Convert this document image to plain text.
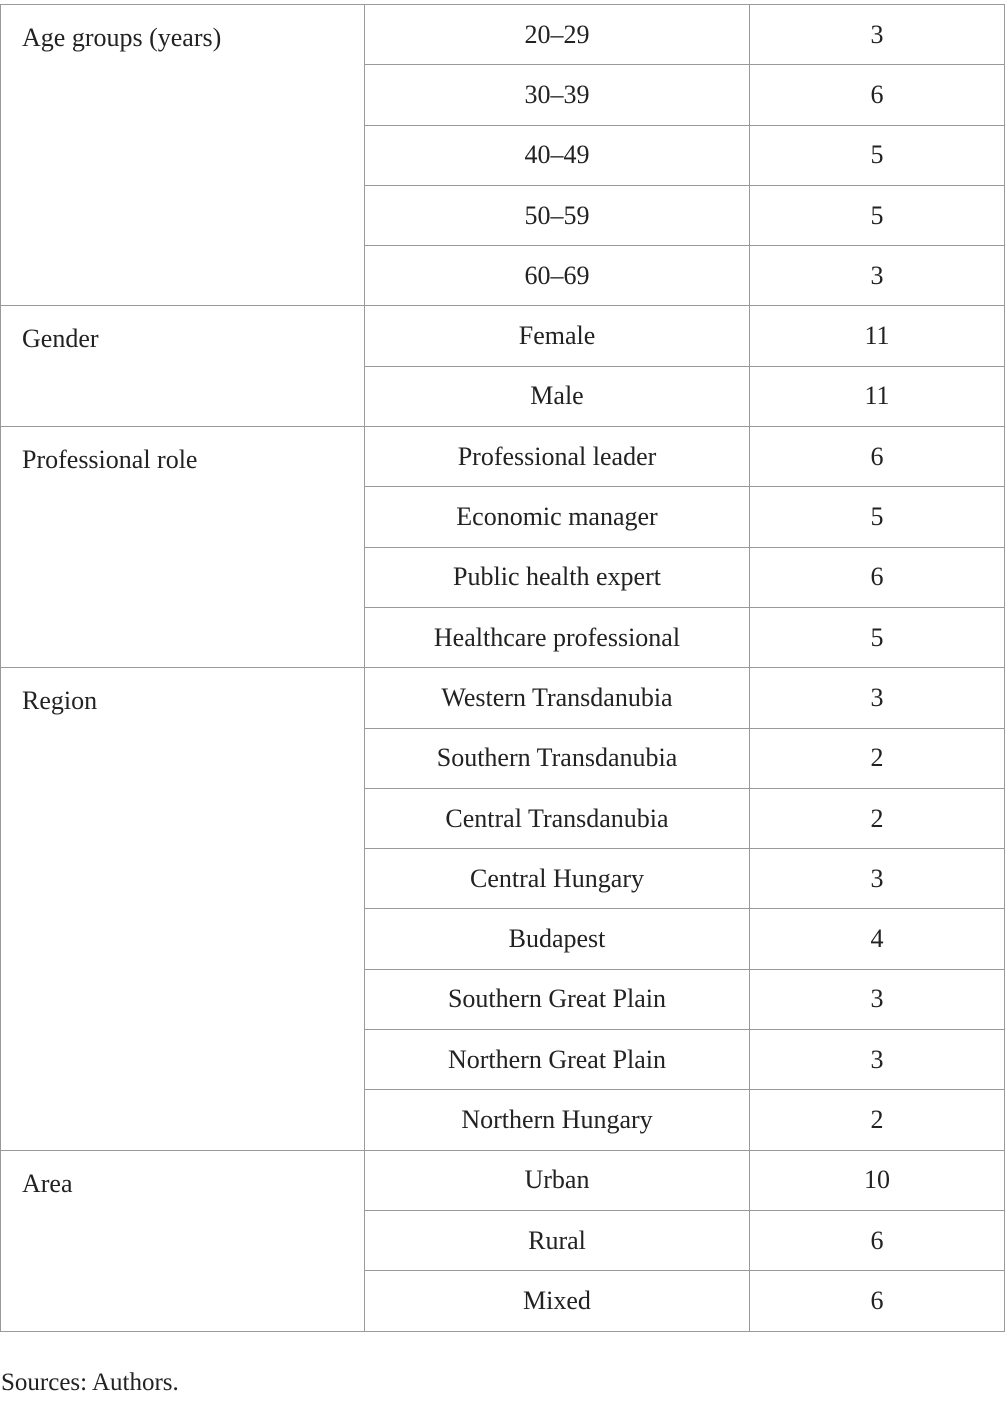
Age groups (years)	20–29	3
	30–39	6
	40–49	5
	50–59	5
	60–69	3
Gender	Female	11
	Male	11
Professional role	Professional leader	6
	Economic manager	5
	Public health expert	6
	Healthcare professional	5
Region	Western Transdanubia	3
	Southern Transdanubia	2
	Central Transdanubia	2
	Central Hungary	3
	Budapest	4
	Southern Great Plain	3
	Northern Great Plain	3
	Northern Hungary	2
Area	Urban	10
	Rural	6
	Mixed	6
Sources: Authors.
